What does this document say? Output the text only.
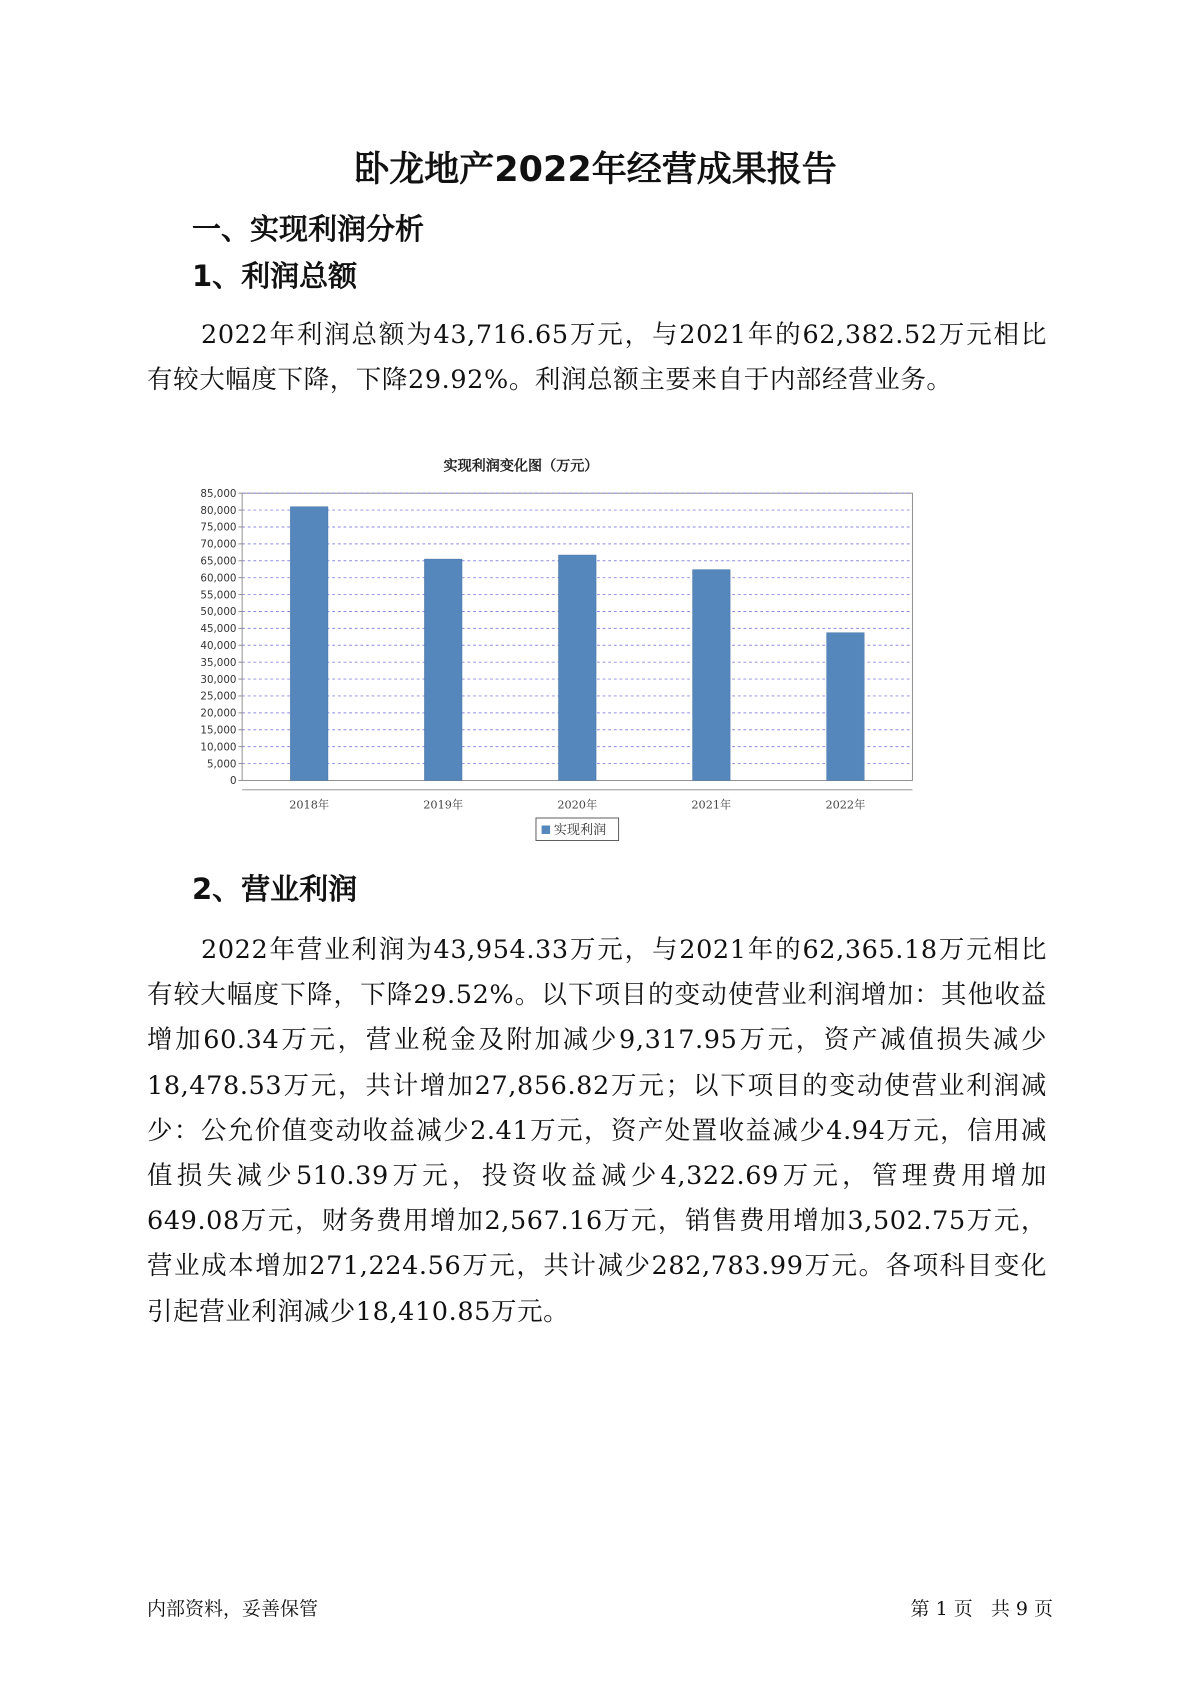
卧龙地产2022年经营成果报告
一、实现利润分析
1、利润总额

2022年利润总额为43,716.65万元，与2021年的62,382.52万元相比有较大幅度下降，下降29.92%。利润总额主要来自于内部经营业务。

实现利润变化图（万元）
0
5,000
10,000
15,000
20,000
25,000
30,000
35,000
40,000
45,000
50,000
55,000
60,000
65,000
70,000
75,000
80,000
85,000
2018年	2019年	2020年	2021年	2022年
实现利润
2、营业利润

2022年营业利润为43,954.33万元，与2021年的62,365.18万元相比有较大幅度下降，下降29.52%。以下项目的变动使营业利润增加：其他收益增加60.34万元，营业税金及附加减少9,317.95万元，资产减值损失减少18,478.53万元，共计增加27,856.82万元；以下项目的变动使营业利润减少：公允价值变动收益减少2.41万元，资产处置收益减少4.94万元，信用减值损失减少510.39万元，投资收益减少4,322.69万元，管理费用增加649.08万元，财务费用增加2,567.16万元，销售费用增加3,502.75万元，营业成本增加271,224.56万元，共计减少282,783.99万元。各项科目变化引起营业利润减少18,410.85万元。

内部资料，妥善保管	第 1 页   共 9 页
